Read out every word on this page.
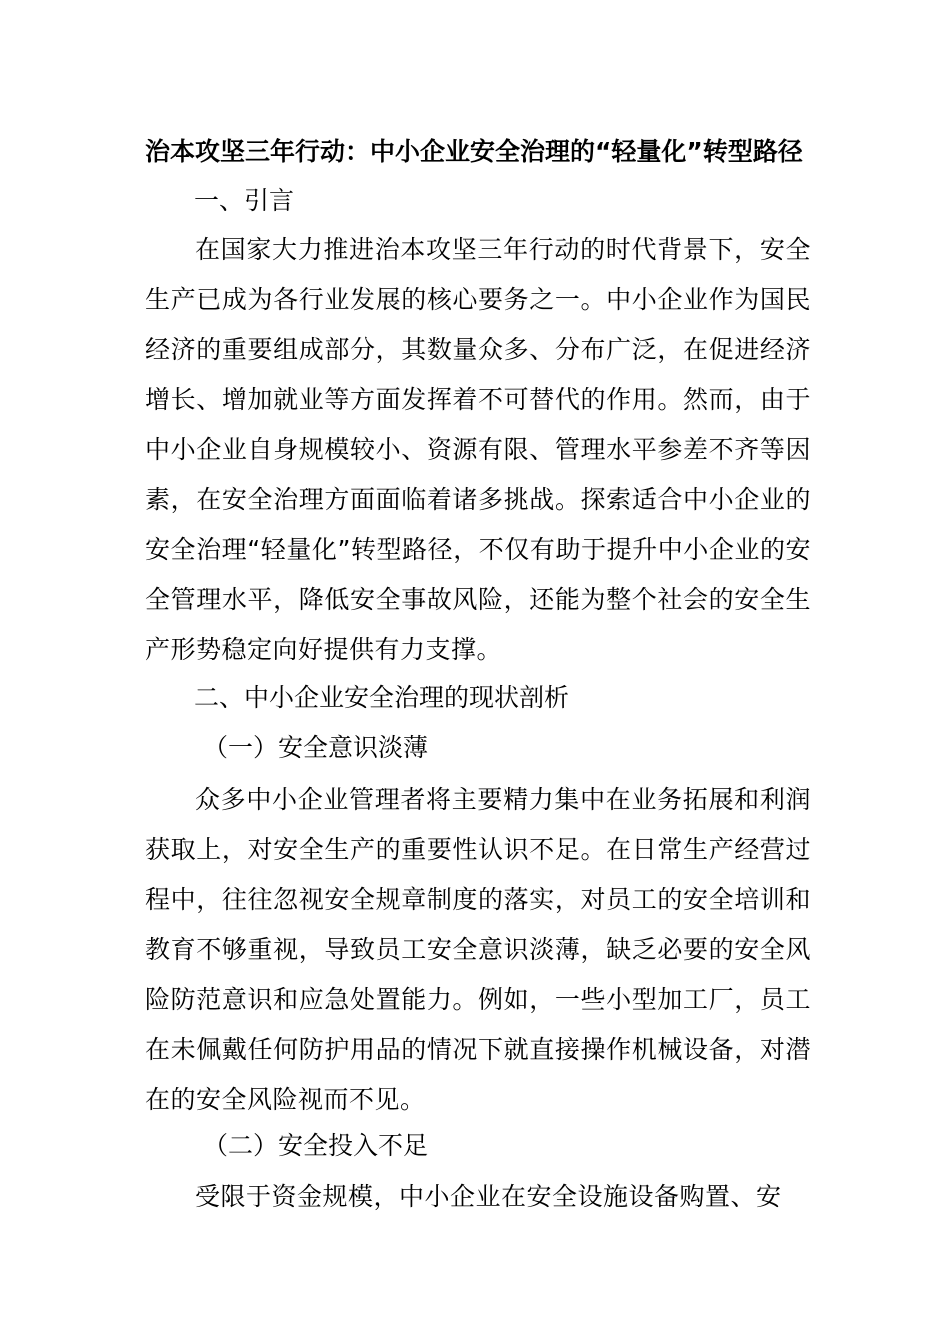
治本攻坚三年行动：中小企业安全治理的“轻量化”转型路径
一、引言

在国家大力推进治本攻坚三年行动的时代背景下，安全生产已成为各行业发展的核心要务之一。中小企业作为国民经济的重要组成部分，其数量众多、分布广泛，在促进经济增长、增加就业等方面发挥着不可替代的作用。然而，由于中小企业自身规模较小、资源有限、管理水平参差不齐等因素，在安全治理方面面临着诸多挑战。探索适合中小企业的安全治理“轻量化”转型路径，不仅有助于提升中小企业的安全管理水平，降低安全事故风险，还能为整个社会的安全生产形势稳定向好提供有力支撑。

二、中小企业安全治理的现状剖析
（一）安全意识淡薄

众多中小企业管理者将主要精力集中在业务拓展和利润获取上，对安全生产的重要性认识不足。在日常生产经营过程中，往往忽视安全规章制度的落实，对员工的安全培训和教育不够重视，导致员工安全意识淡薄，缺乏必要的安全风险防范意识和应急处置能力。例如，一些小型加工厂，员工在未佩戴任何防护用品的情况下就直接操作机械设备，对潜在的安全风险视而不见。

（二）安全投入不足

受限于资金规模，中小企业在安全设施设备购置、安
